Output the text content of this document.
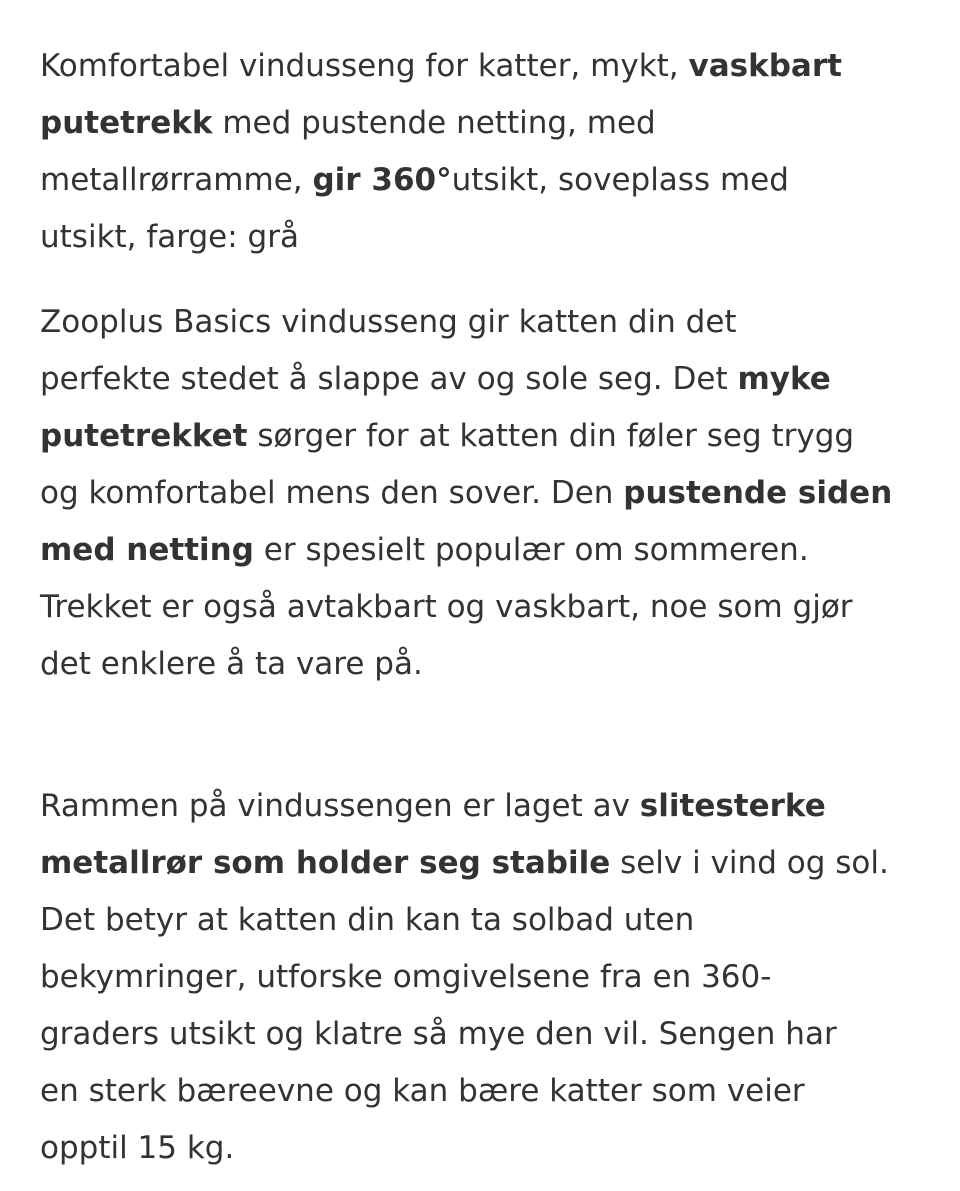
Komfortabel vindusseng for katter, mykt, vaskbart
putetrekk med pustende netting, med
metallrørramme, gir 360°utsikt, soveplass med
utsikt, farge: grå

Zooplus Basics vindusseng gir katten din det
perfekte stedet å slappe av og sole seg. Det myke
putetrekket sørger for at katten din føler seg trygg
og komfortabel mens den sover. Den pustende siden
med netting er spesielt populær om sommeren.
Trekket er også avtakbart og vaskbart, noe som gjør
det enklere å ta vare på.

Rammen på vindussengen er laget av slitesterke
metallrør som holder seg stabile selv i vind og sol.
Det betyr at katten din kan ta solbad uten
bekymringer, utforske omgivelsene fra en 360-
graders utsikt og klatre så mye den vil. Sengen har
en sterk bæreevne og kan bære katter som veier
opptil 15 kg.
